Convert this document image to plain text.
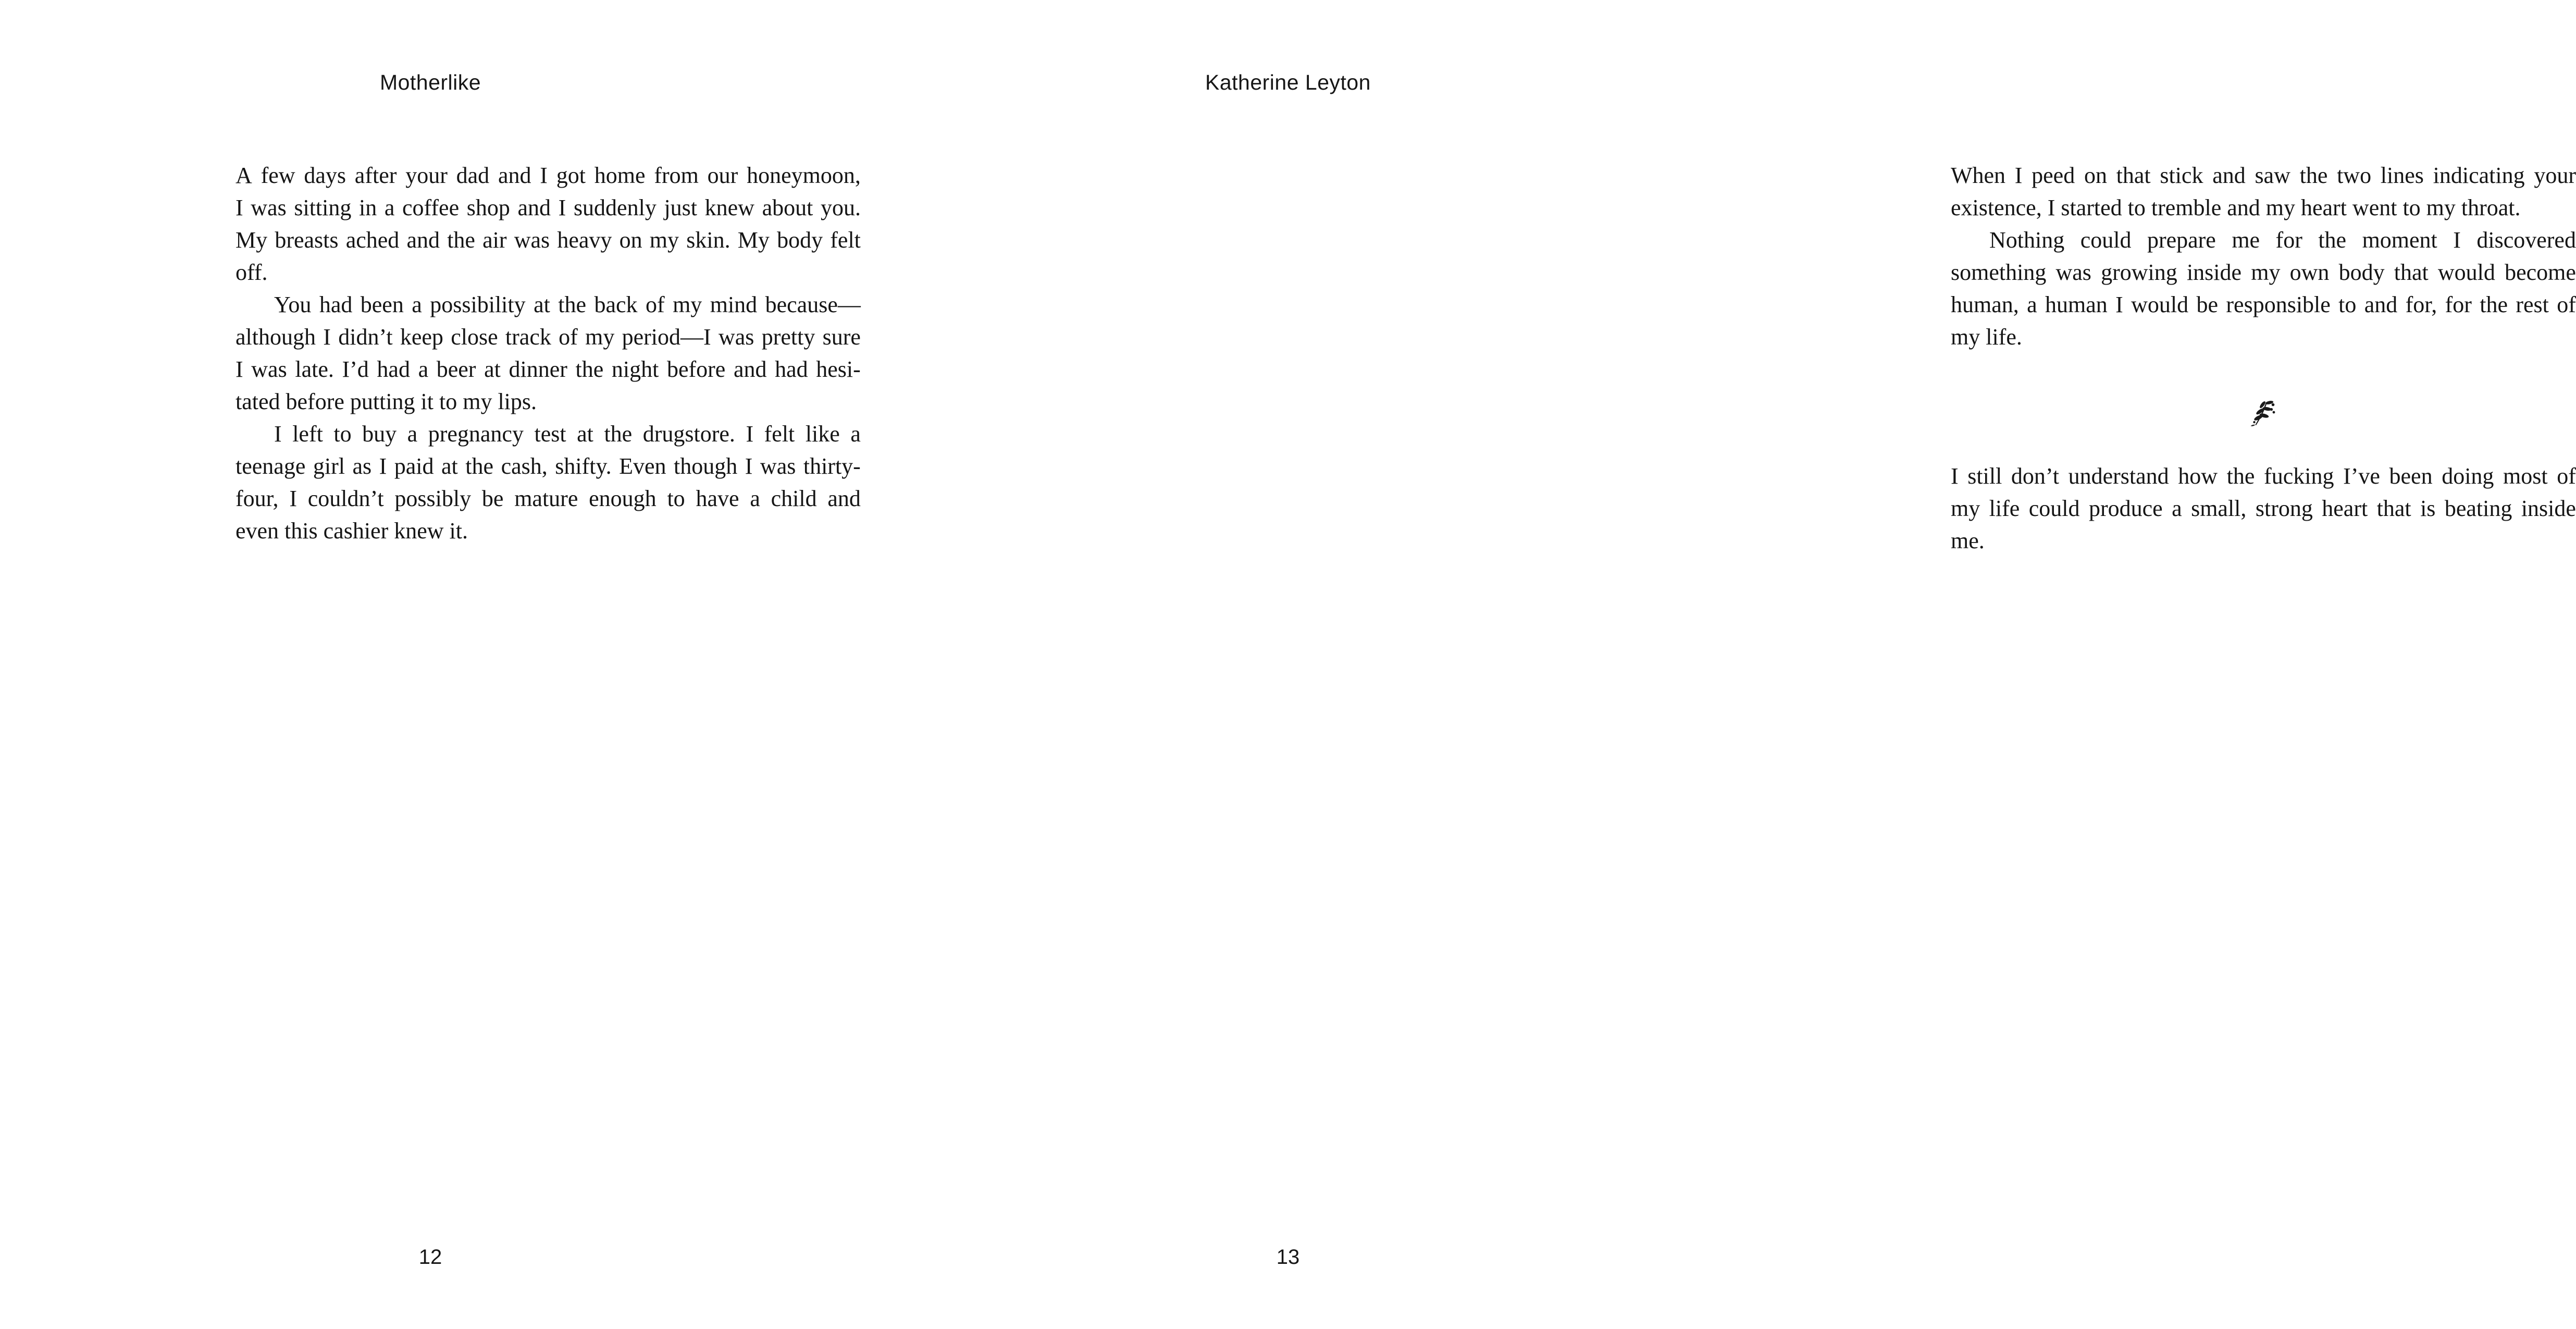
Motherlike	Katherine Leyton
A few days after your dad and I got home from our honeymoon,
I was sitting in a coffee shop and I suddenly just knew about you.
My breasts ached and the air was heavy on my skin. My body felt
off.
You had been a possibility at the back of my mind because—
although I didn’t keep close track of my period—I was pretty sure
I was late. I’d had a beer at dinner the night before and had hesi-
tated before putting it to my lips.
I left to buy a pregnancy test at the drugstore. I felt like a
teenage girl as I paid at the cash, shifty. Even though I was thirty-
four, I couldn’t possibly be mature enough to have a child and
even this cashier knew it.
When I peed on that stick and saw the two lines indicating your
existence, I started to tremble and my heart went to my throat.
Nothing could prepare me for the moment I discovered
something was growing inside my own body that would become
human, a human I would be responsible to and for, for the rest of
my life.
I still don’t understand how the fucking I’ve been doing most of
my life could produce a small, strong heart that is beating inside
me.
12	13
